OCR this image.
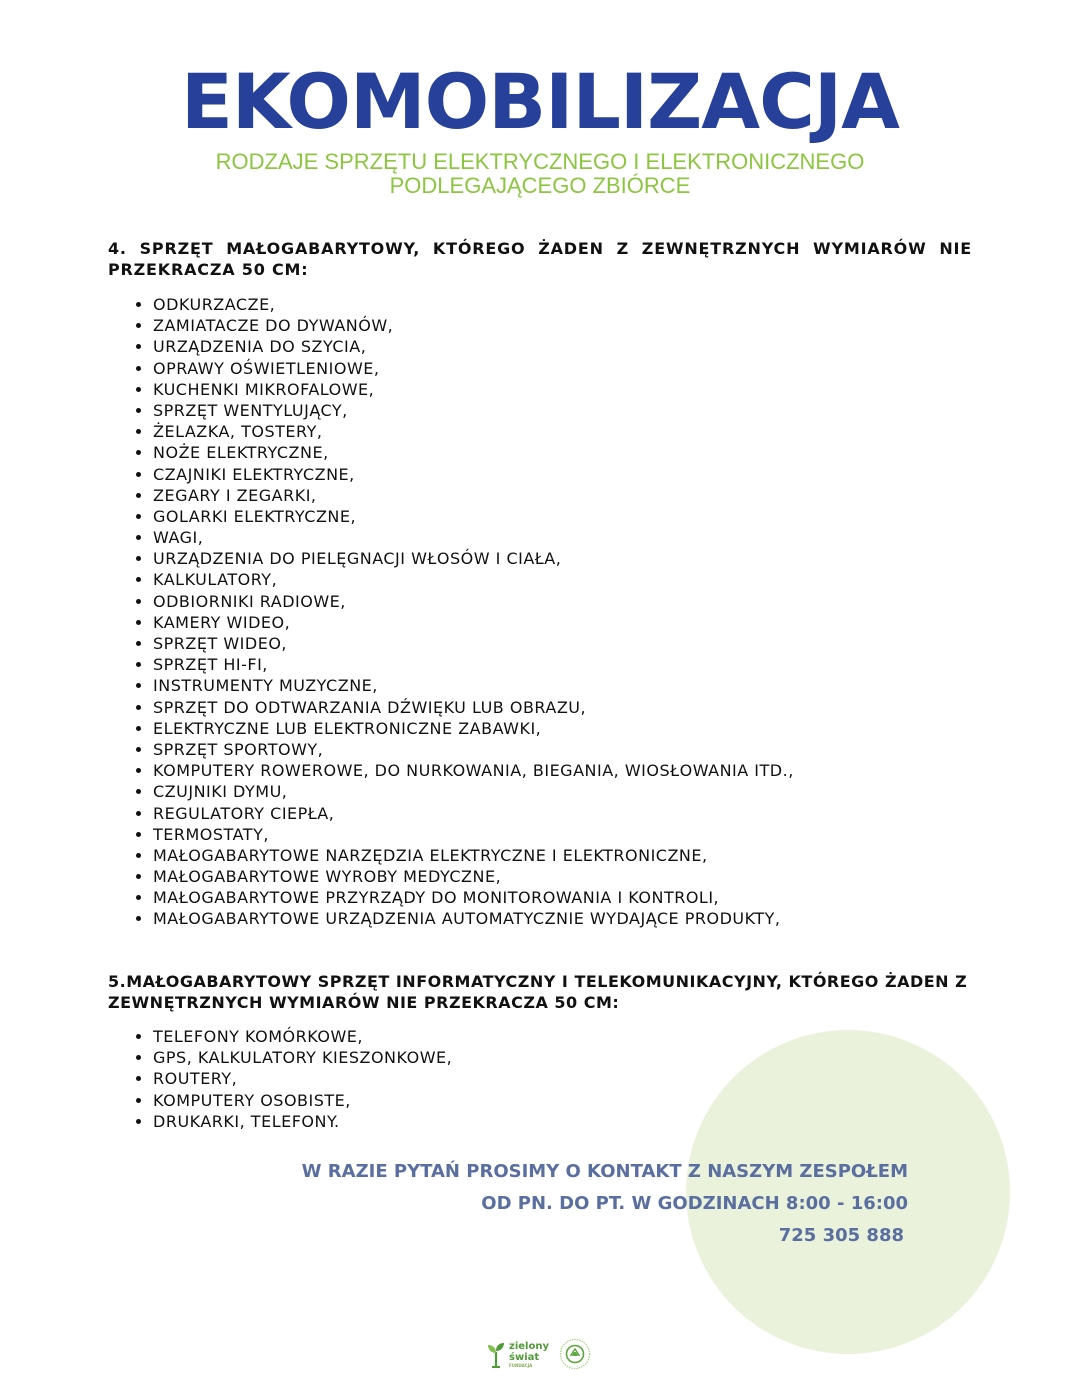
EKOMOBILIZACJA
RODZAJE SPRZĘTU ELEKTRYCZNEGO I ELEKTRONICZNEGO
PODLEGAJĄCEGO ZBIÓRCE

4. SPRZĘT MAŁOGABARYTOWY, KTÓREGO ŻADEN Z ZEWNĘTRZNYCH WYMIARÓW NIE PRZEKRACZA 50 CM:

• ODKURZACZE,
• ZAMIATACZE DO DYWANÓW,
• URZĄDZENIA DO SZYCIA,
• OPRAWY OŚWIETLENIOWE,
• KUCHENKI MIKROFALOWE,
• SPRZĘT WENTYLUJĄCY,
• ŻELAZKA, TOSTERY,
• NOŻE ELEKTRYCZNE,
• CZAJNIKI ELEKTRYCZNE,
• ZEGARY I ZEGARKI,
• GOLARKI ELEKTRYCZNE,
• WAGI,
• URZĄDZENIA DO PIELĘGNACJI WŁOSÓW I CIAŁA,
• KALKULATORY,
• ODBIORNIKI RADIOWE,
• KAMERY WIDEO,
• SPRZĘT WIDEO,
• SPRZĘT HI-FI,
• INSTRUMENTY MUZYCZNE,
• SPRZĘT DO ODTWARZANIA DŹWIĘKU LUB OBRAZU,
• ELEKTRYCZNE LUB ELEKTRONICZNE ZABAWKI,
• SPRZĘT SPORTOWY,
• KOMPUTERY ROWEROWE, DO NURKOWANIA, BIEGANIA, WIOSŁOWANIA ITD.,
• CZUJNIKI DYMU,
• REGULATORY CIEPŁA,
• TERMOSTATY,
• MAŁOGABARYTOWE NARZĘDZIA ELEKTRYCZNE I ELEKTRONICZNE,
• MAŁOGABARYTOWE WYROBY MEDYCZNE,
• MAŁOGABARYTOWE PRZYRZĄDY DO MONITOROWANIA I KONTROLI,
• MAŁOGABARYTOWE URZĄDZENIA AUTOMATYCZNIE WYDAJĄCE PRODUKTY,
5.MAŁOGABARYTOWY SPRZĘT INFORMATYCZNY I TELEKOMUNIKACYJNY, KTÓREGO ŻADEN Z
ZEWNĘTRZNYCH WYMIARÓW NIE PRZEKRACZA 50 CM:
• TELEFONY KOMÓRKOWE,
• GPS, KALKULATORY KIESZONKOWE,
• ROUTERY,
• KOMPUTERY OSOBISTE,
• DRUKARKI, TELEFONY.

W RAZIE PYTAŃ PROSIMY O KONTAKT Z NASZYM ZESPOŁEM

OD PN. DO PT. W GODZINACH 8:00 - 16:00

725 305 888

zielony
świat
FUNDACJA
